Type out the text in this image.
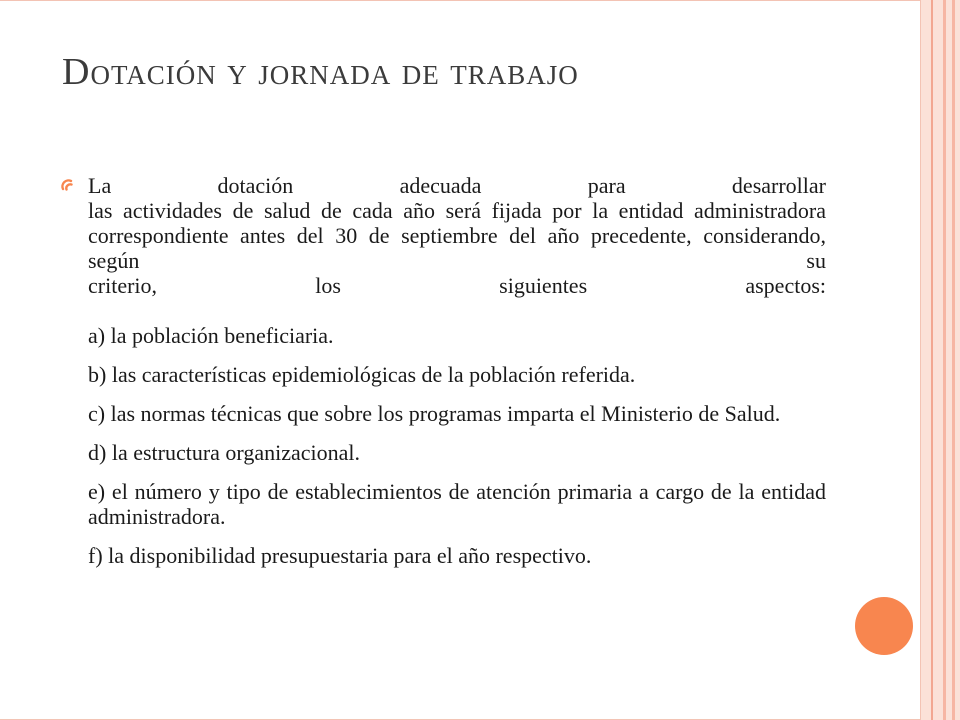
Dotación y jornada de trabajo

La dotación adecuada para desarrollar

las actividades de salud de cada año será fijada por la entidad administradora correspondiente antes del 30 de septiembre del año precedente, considerando, según su

criterio, los siguientes aspectos:

a) la población beneficiaria.

b) las características epidemiológicas de la población referida.

c) las normas técnicas que sobre los programas imparta el Ministerio de Salud.

d) la estructura organizacional.

e) el número y tipo de establecimientos de atención primaria a cargo de la entidad administradora.

f) la disponibilidad presupuestaria para el año respectivo.
